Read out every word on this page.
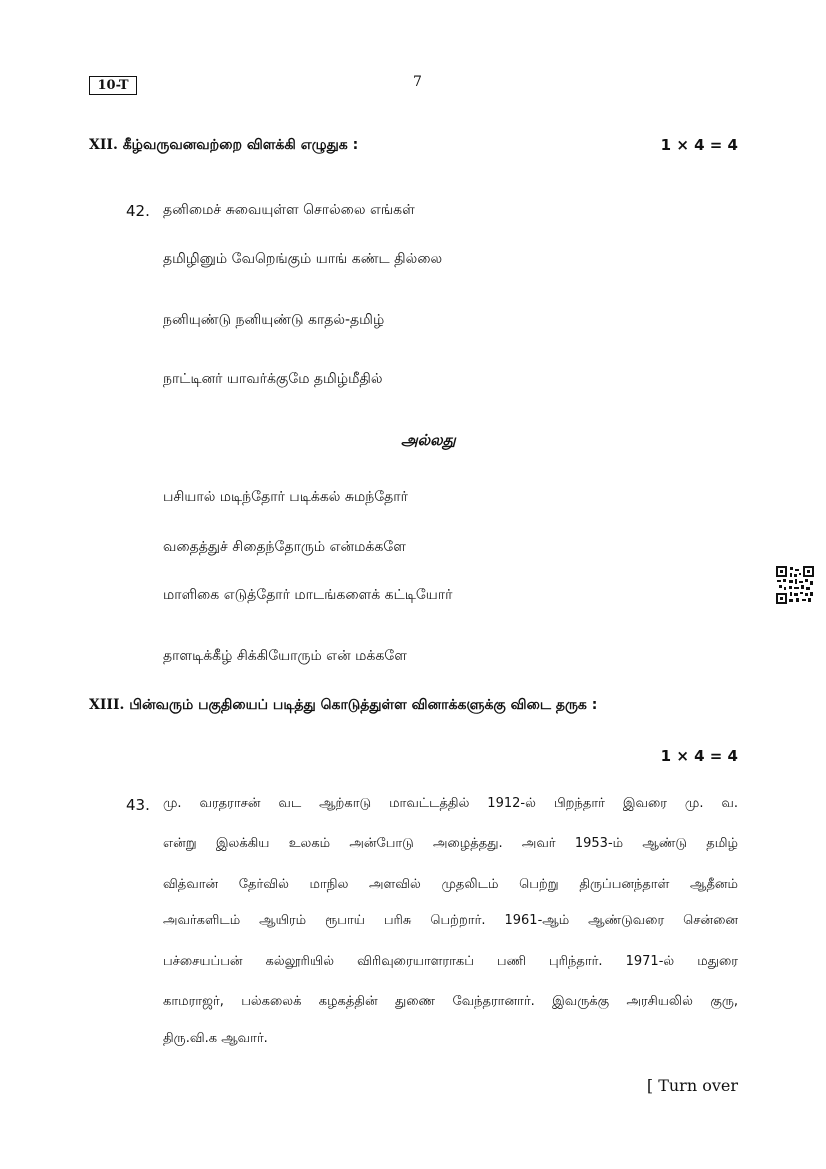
10-T	7
XII. கீழ்வருவனவற்றை விளக்கி எழுதுக :	1 × 4 = 4
42. தனிமைச் சுவையுள்ள சொல்லை எங்கள்
தமிழினும் வேறெங்கும் யாங் கண்ட தில்லை
நனியுண்டு நனியுண்டு காதல்-தமிழ்
நாட்டினர் யாவர்க்குமே தமிழ்மீதில்
அல்லது
பசியால் மடிந்தோர் படிக்கல் சுமந்தோர்
வதைத்துச் சிதைந்தோரும் என்மக்களே
மாளிகை எடுத்தோர் மாடங்களைக் கட்டியோர்
தாளடிக்கீழ் சிக்கியோரும் என் மக்களே
XIII. பின்வரும் பகுதியைப் படித்து கொடுத்துள்ள வினாக்களுக்கு விடை தருக :
1 × 4 = 4
43. மு. வரதராசன் வட ஆற்காடு மாவட்டத்தில் 1912-ல் பிறந்தார் இவரை மு. வ.
என்று இலக்கிய உலகம் அன்போடு அழைத்தது. அவர் 1953-ம் ஆண்டு தமிழ்
வித்வான் தேர்வில் மாநில அளவில் முதலிடம் பெற்று திருப்பனந்தாள் ஆதீனம்
அவர்களிடம் ஆயிரம் ரூபாய் பரிசு பெற்றார். 1961-ஆம் ஆண்டுவரை சென்னை
பச்சையப்பன் கல்லூரியில் விரிவுரையாளராகப் பணி புரிந்தார். 1971-ல் மதுரை
காமராஜர், பல்கலைக் கழகத்தின் துணை வேந்தரானார். இவருக்கு அரசியலில் குரு,
திரு.வி.க ஆவார்.
[ Turn over
